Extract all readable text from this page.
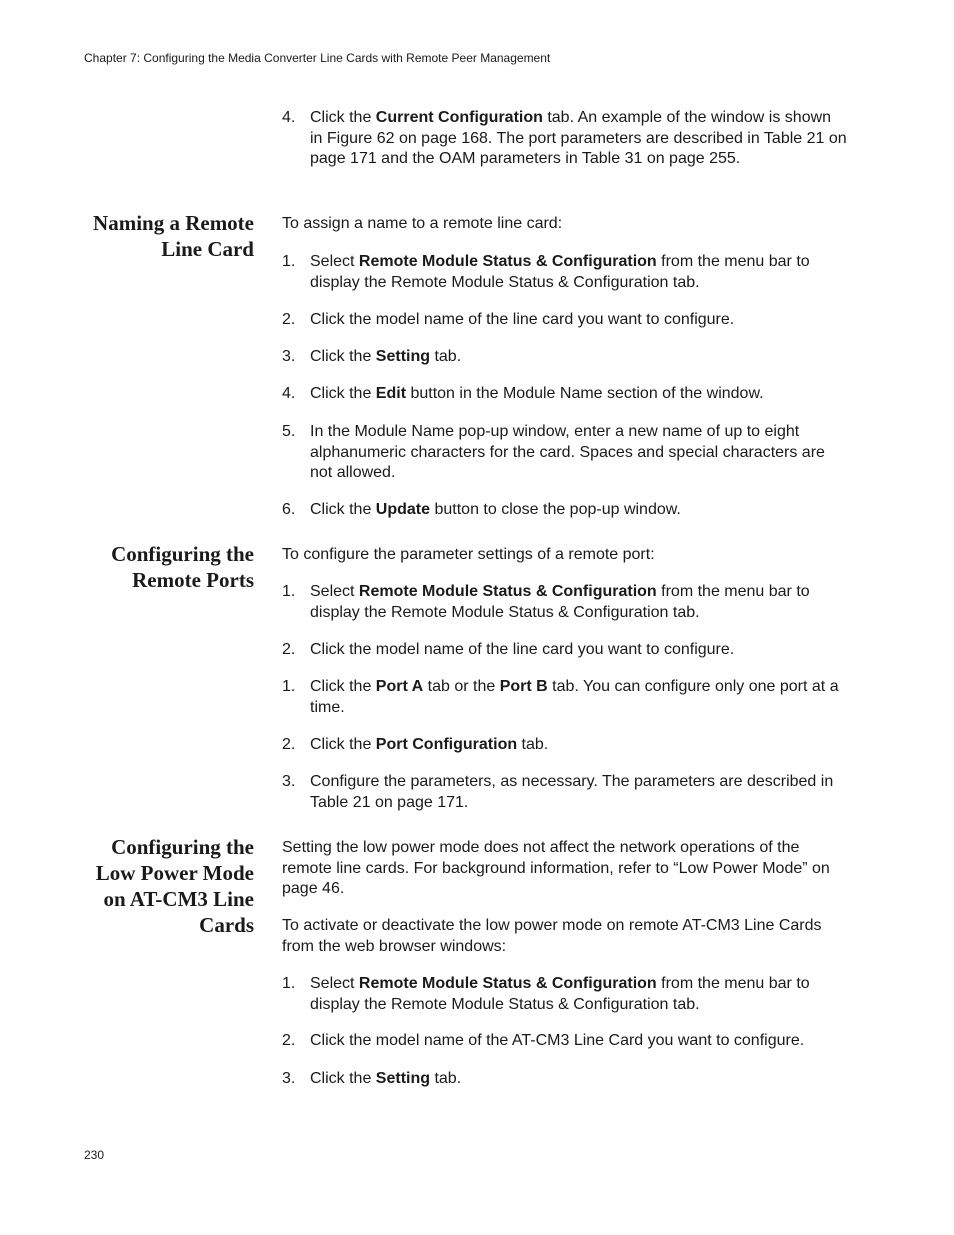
Chapter 7: Configuring the Media Converter Line Cards with Remote Peer Management
4. Click the Current Configuration tab. An example of the window is shown in Figure 62 on page 168. The port parameters are described in Table 21 on page 171 and the OAM parameters in Table 31 on page 255.
Naming a Remote
Line Card
To assign a name to a remote line card:
1. Select Remote Module Status & Configuration from the menu bar to display the Remote Module Status & Configuration tab.
2. Click the model name of the line card you want to configure.
3. Click the Setting tab.
4. Click the Edit button in the Module Name section of the window.
5. In the Module Name pop-up window, enter a new name of up to eight alphanumeric characters for the card. Spaces and special characters are not allowed.
6. Click the Update button to close the pop-up window.
Configuring the
Remote Ports
To configure the parameter settings of a remote port:
1. Select Remote Module Status & Configuration from the menu bar to display the Remote Module Status & Configuration tab.
2. Click the model name of the line card you want to configure.
1. Click the Port A tab or the Port B tab. You can configure only one port at a time.
2. Click the Port Configuration tab.
3. Configure the parameters, as necessary. The parameters are described in Table 21 on page 171.
Configuring the
Low Power Mode
on AT-CM3 Line
Cards
Setting the low power mode does not affect the network operations of the remote line cards. For background information, refer to “Low Power Mode” on page 46.
To activate or deactivate the low power mode on remote AT-CM3 Line Cards from the web browser windows:
1. Select Remote Module Status & Configuration from the menu bar to display the Remote Module Status & Configuration tab.
2. Click the model name of the AT-CM3 Line Card you want to configure.
3. Click the Setting tab.
230
